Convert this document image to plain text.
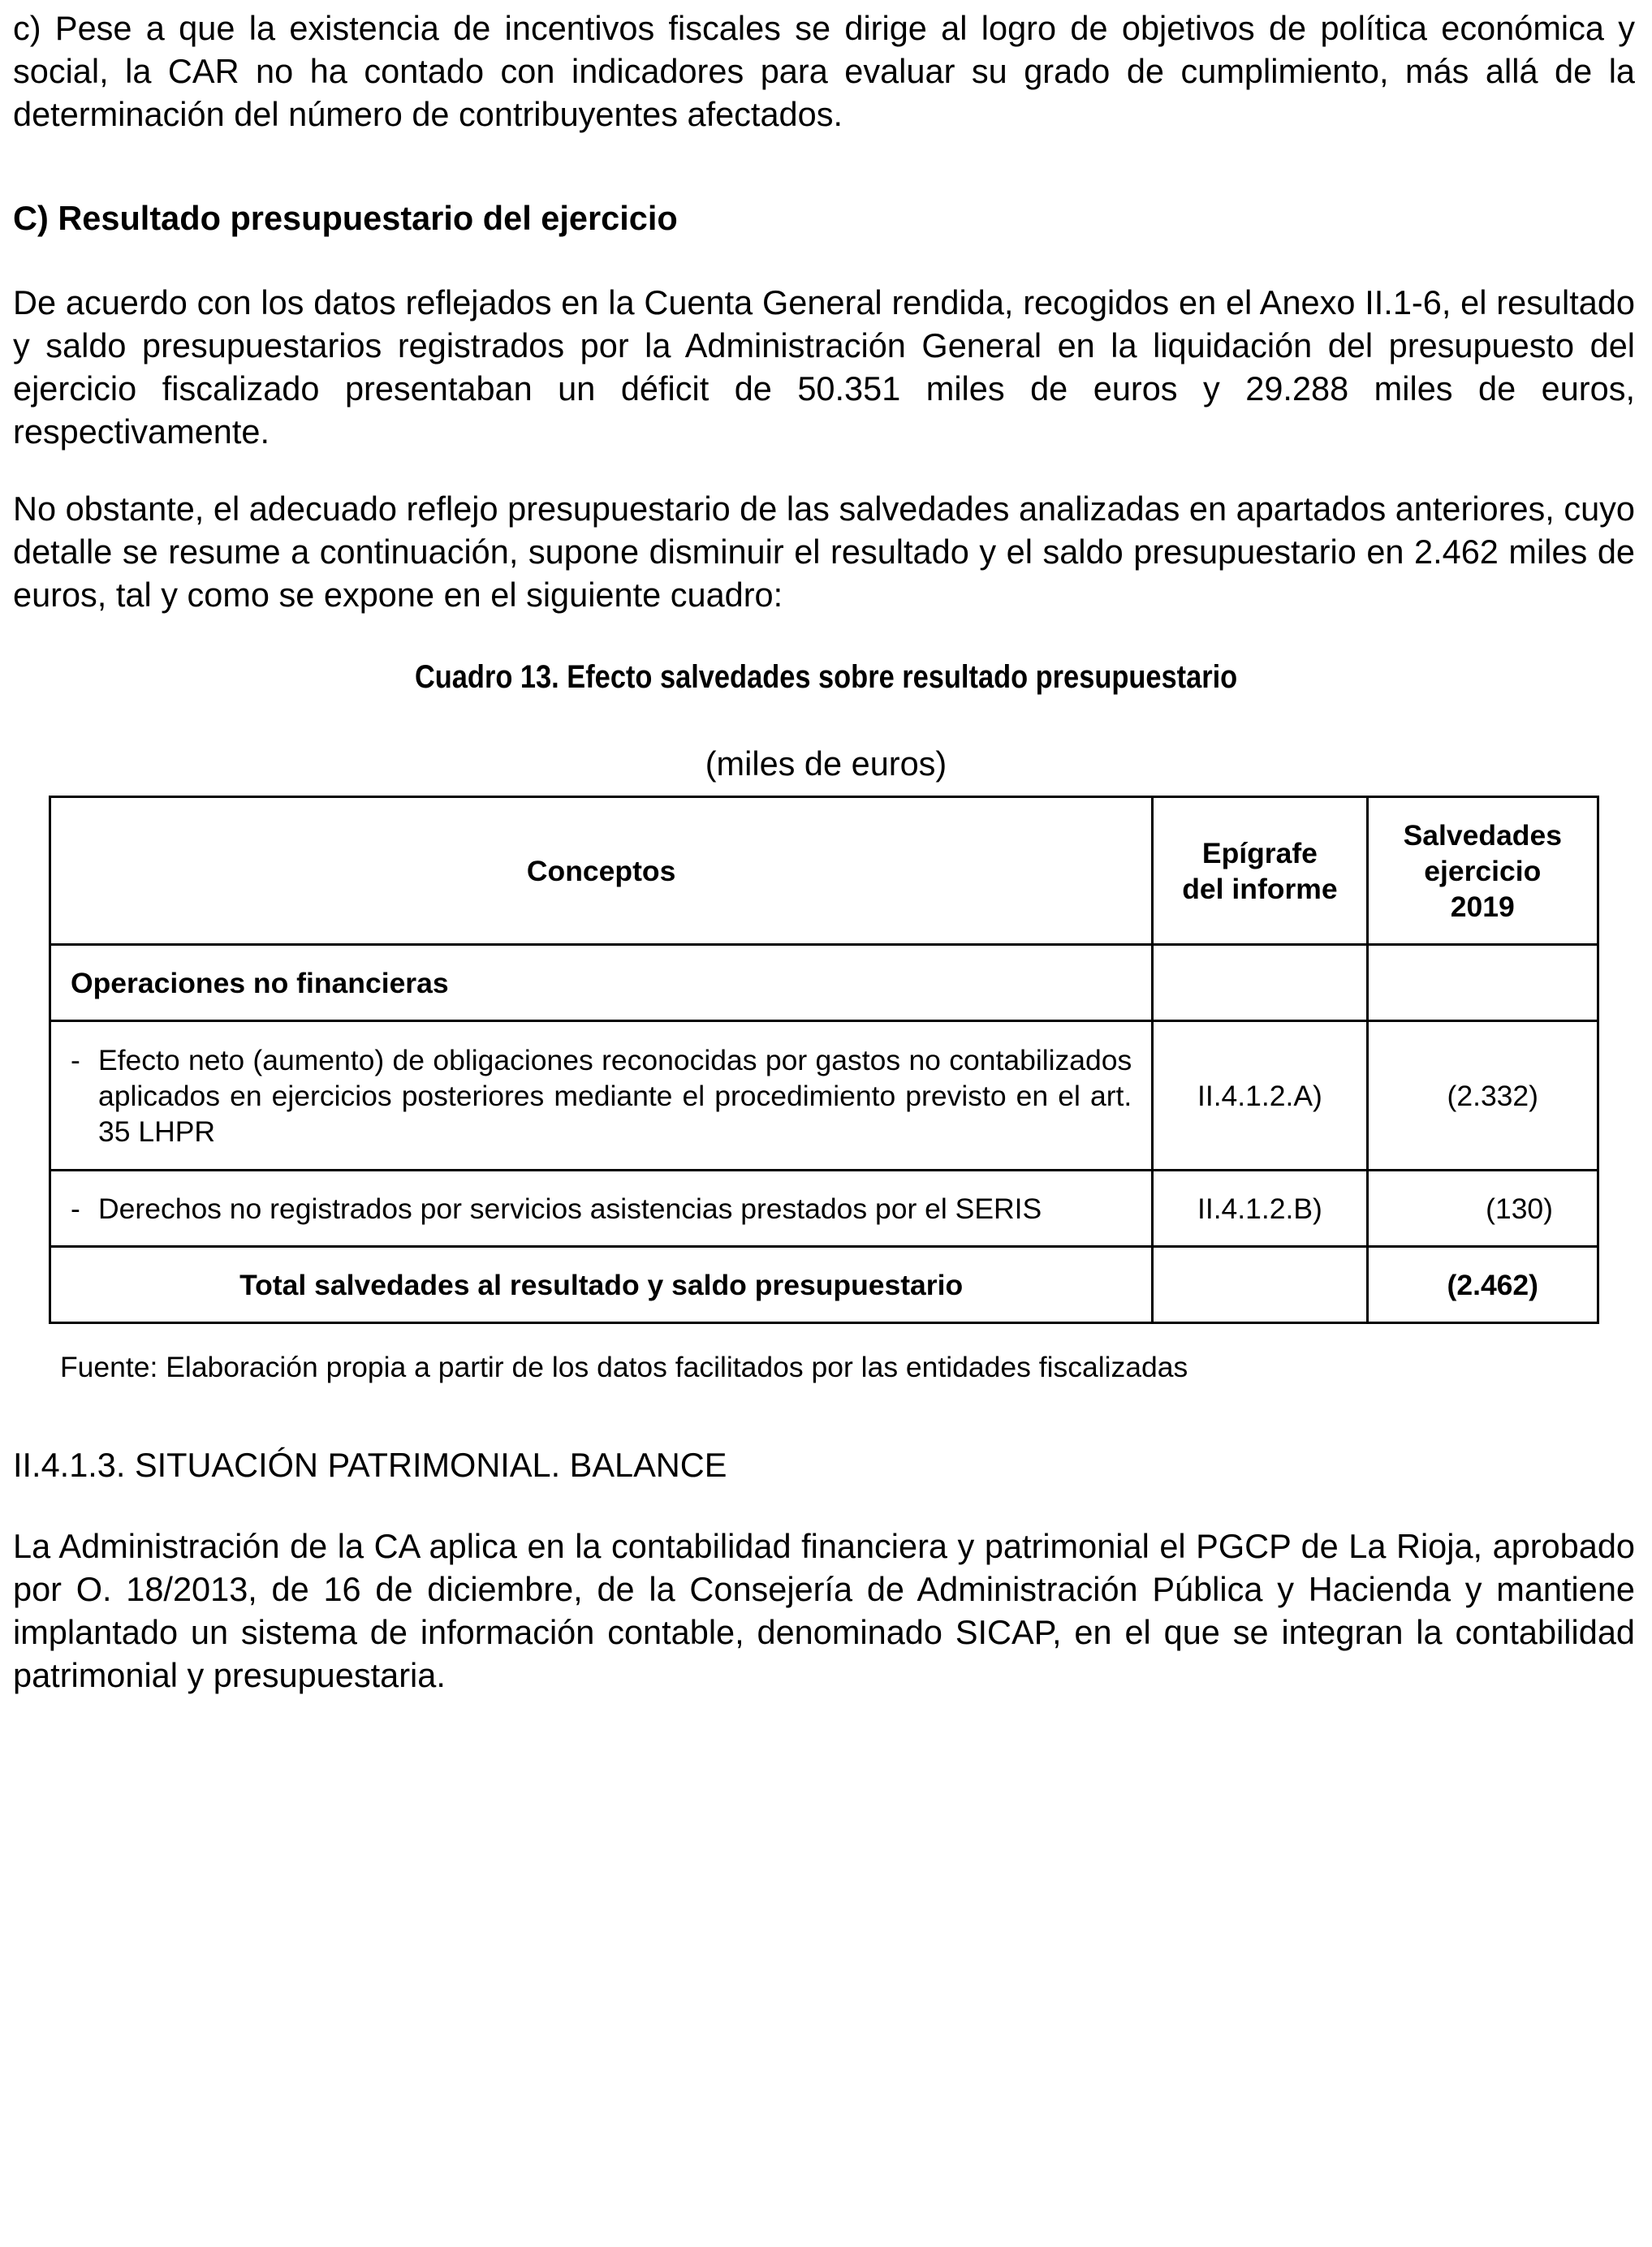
c) Pese a que la existencia de incentivos fiscales se dirige al logro de objetivos de política económica y social, la CAR no ha contado con indicadores para evaluar su grado de cumplimiento, más allá de la determinación del número de contribuyentes afectados.

C) Resultado presupuestario del ejercicio

De acuerdo con los datos reflejados en la Cuenta General rendida, recogidos en el Anexo II.1-6, el resultado y saldo presupuestarios registrados por la Administración General en la liquidación del presupuesto del ejercicio fiscalizado presentaban un déficit de 50.351 miles de euros y 29.288 miles de euros, respectivamente.

No obstante, el adecuado reflejo presupuestario de las salvedades analizadas en apartados anteriores, cuyo detalle se resume a continuación, supone disminuir el resultado y el saldo presupuestario en 2.462 miles de euros, tal y como se expone en el siguiente cuadro:

Cuadro 13. Efecto salvedades sobre resultado presupuestario
(miles de euros)
Conceptos	Epígrafe del informe	Salvedades ejercicio 2019

Operaciones no financieras		

- Efecto neto (aumento) de obligaciones reconocidas por gastos no contabilizados aplicados en ejercicios posteriores mediante el procedimiento previsto en el art. 35 LHPR	II.4.1.2.A)	(2.332)

- Derechos no registrados por servicios asistencias prestados por el SERIS	II.4.1.2.B)	(130)
Total salvedades al resultado y saldo presupuestario		(2.462)

Fuente: Elaboración propia a partir de los datos facilitados por las entidades fiscalizadas

II.4.1.3. SITUACIÓN PATRIMONIAL. BALANCE

La Administración de la CA aplica en la contabilidad financiera y patrimonial el PGCP de La Rioja, aprobado por O. 18/2013, de 16 de diciembre, de la Consejería de Administración Pública y Hacienda y mantiene implantado un sistema de información contable, denominado SICAP, en el que se integran la contabilidad patrimonial y presupuestaria.
